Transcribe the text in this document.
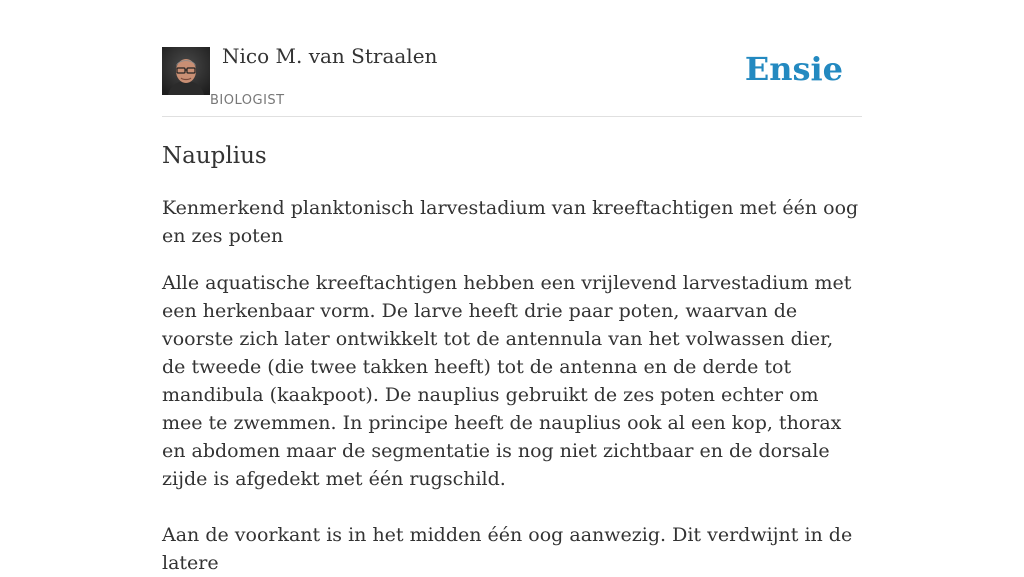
Nico M. van Straalen
BIOLOGIST
Ensie
Nauplius

Kenmerkend planktonisch larvestadium van kreeftachtigen met één oog en zes poten

Alle aquatische kreeftachtigen hebben een vrijlevend larvestadium met een herkenbaar vorm. De larve heeft drie paar poten, waarvan de voorste zich later ontwikkelt tot de antennula van het volwassen dier, de tweede (die twee takken heeft) tot de antenna en de derde tot mandibula (kaakpoot). De nauplius gebruikt de zes poten echter om mee te zwemmen. In principe heeft de nauplius ook al een kop, thorax en abdomen maar de segmentatie is nog niet zichtbaar en de dorsale zijde is afgedekt met één rugschild.

Aan de voorkant is in het midden één oog aanwezig. Dit verdwijnt in de latere
